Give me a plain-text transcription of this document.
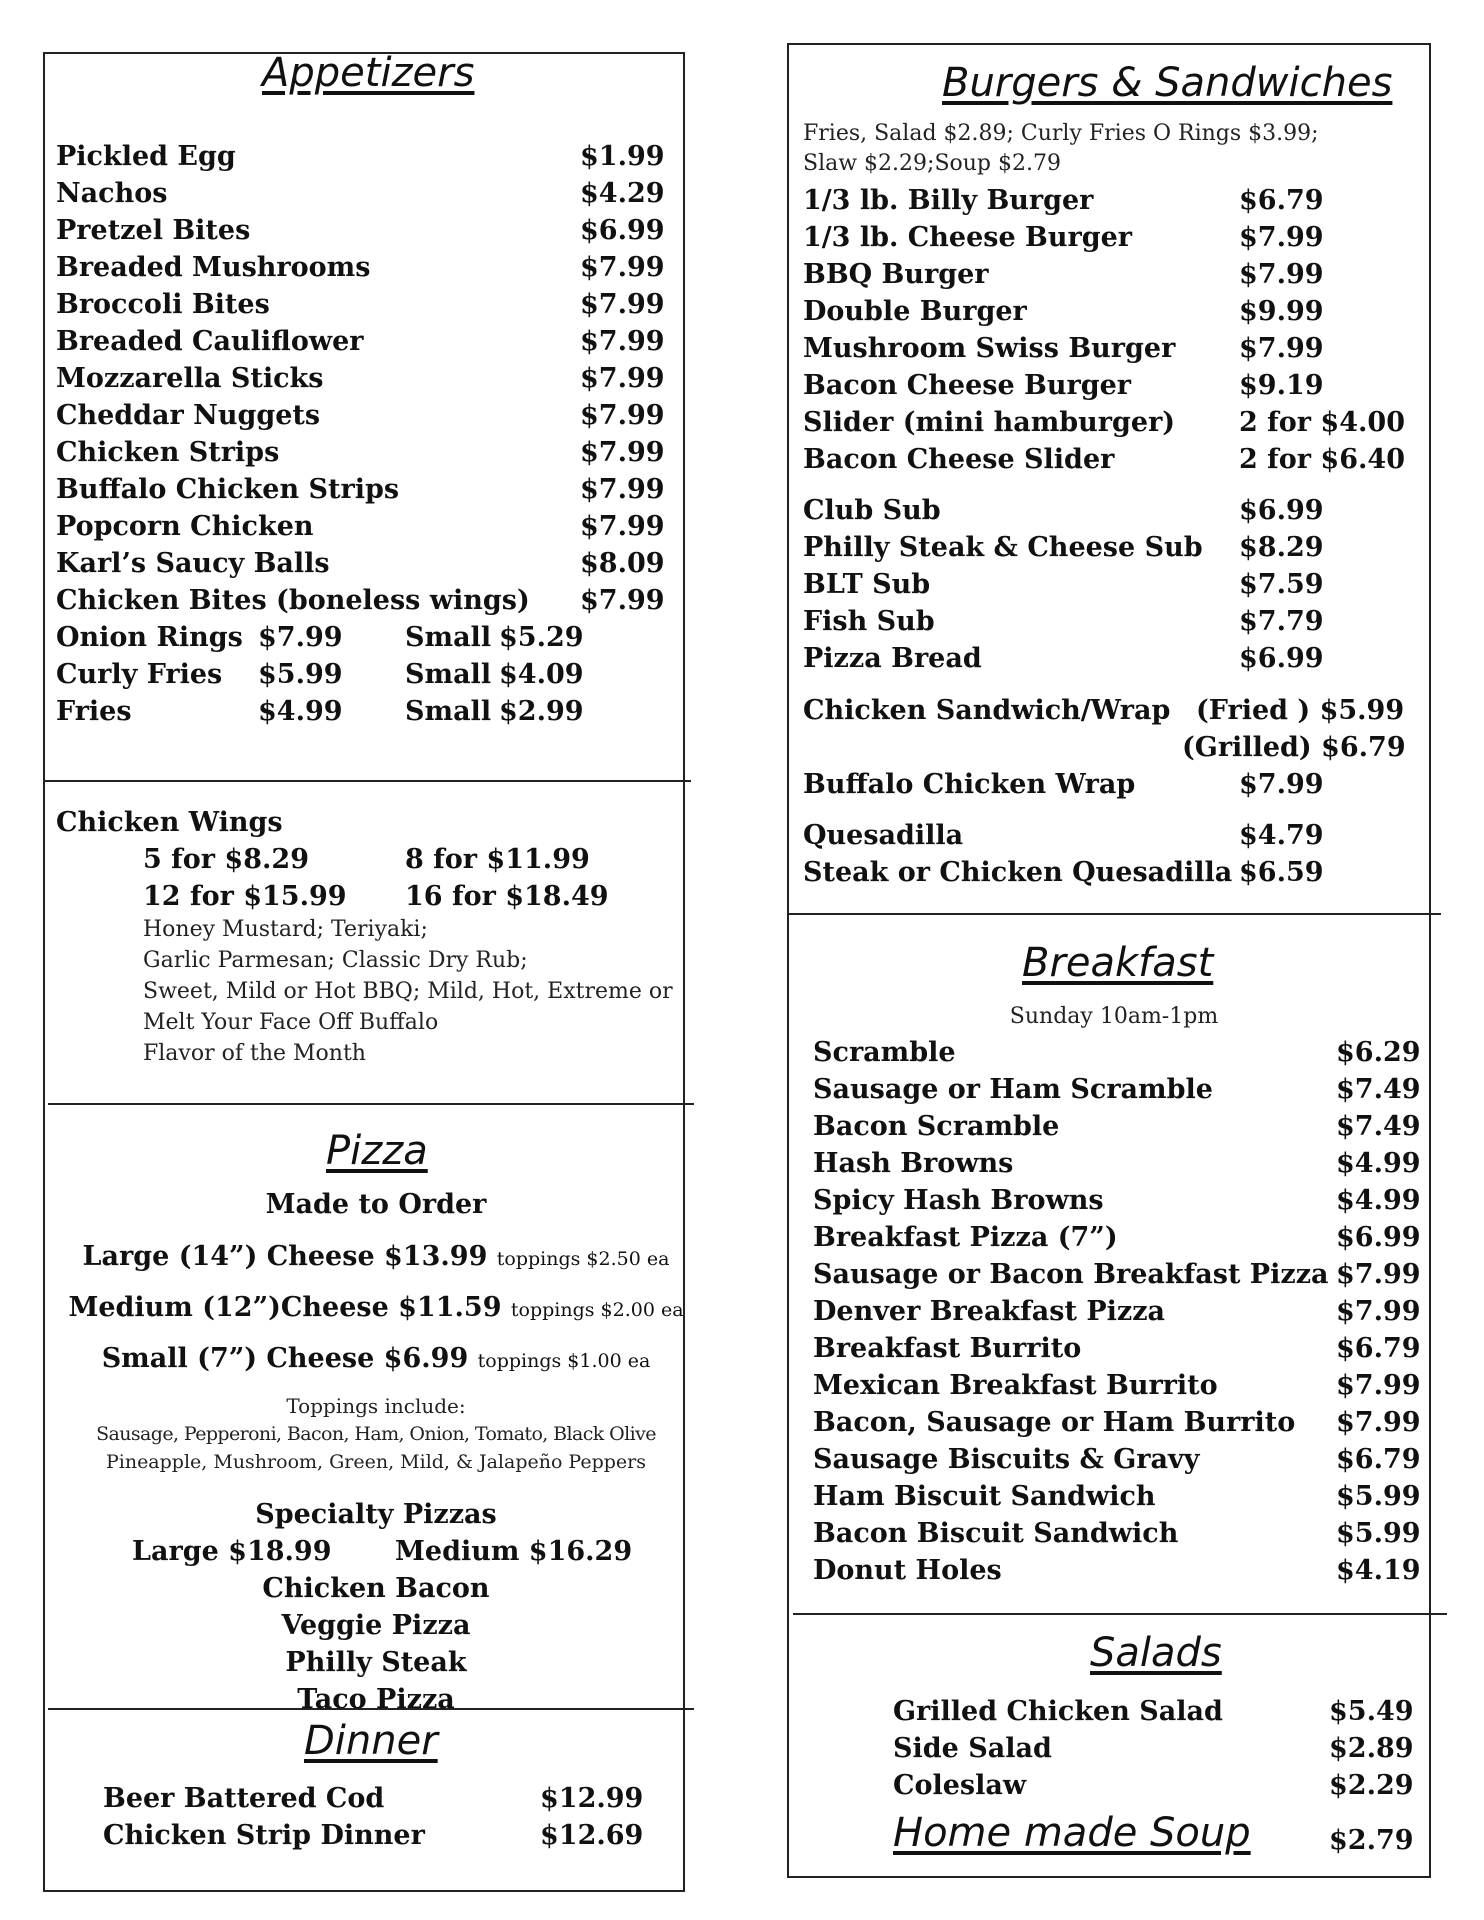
Appetizers
Pickled Egg	$1.99
Nachos	$4.29
Pretzel Bites	$6.99
Breaded Mushrooms	$7.99
Broccoli Bites	$7.99
Breaded Cauliflower	$7.99
Mozzarella Sticks	$7.99
Cheddar Nuggets	$7.99
Chicken Strips	$7.99
Buffalo Chicken Strips	$7.99
Popcorn Chicken	$7.99
Karl’s Saucy Balls	$8.09
Chicken Bites (boneless wings) $7.99
Onion Rings $7.99 Small $5.29
Curly Fries $5.99 Small $4.09
Fries	$4.99 Small $2.99
Chicken Wings
5 for $8.29	8 for $11.99
12 for $15.99 16 for $18.49
Honey Mustard; Teriyaki;
Garlic Parmesan; Classic Dry Rub;
Sweet, Mild or Hot BBQ; Mild, Hot, Extreme or
Melt Your Face Off Buffalo
Flavor of the Month
Pizza
Made to Order
Large (14”) Cheese $13.99 toppings $2.50 ea
Medium (12”)Cheese $11.59 toppings $2.00 ea
Small (7”) Cheese $6.99 toppings $1.00 ea
Toppings include:
Sausage, Pepperoni, Bacon, Ham, Onion, Tomato, Black Olive
Pineapple, Mushroom, Green, Mild, & Jalapeño Peppers
Specialty Pizzas
Large $18.99 Medium $16.29
Chicken Bacon
Veggie Pizza
Philly Steak
Taco Pizza
Dinner
Beer Battered Cod	$12.99
Chicken Strip Dinner	$12.69
Burgers & Sandwiches
Fries, Salad $2.89; Curly Fries O Rings $3.99;
Slaw $2.29;Soup $2.79
1/3 lb. Billy Burger	$6.79
1/3 lb. Cheese Burger	$7.99
BBQ Burger	$7.99
Double Burger	$9.99
Mushroom Swiss Burger $7.99
Bacon Cheese Burger	$9.19
Slider (mini hamburger) 2 for $4.00
Bacon Cheese Slider	2 for $6.40
Club Sub	$6.99
Philly Steak & Cheese Sub $8.29
BLT Sub	$7.59
Fish Sub	$7.79
Pizza Bread	$6.99
Chicken Sandwich/Wrap (Fried ) $5.99
(Grilled) $6.79
Buffalo Chicken Wrap	$7.99
Quesadilla	$4.79
Steak or Chicken Quesadilla $6.59
Breakfast
Sunday 10am-1pm
Scramble	$6.29
Sausage or Ham Scramble	$7.49
Bacon Scramble	$7.49
Hash Browns	$4.99
Spicy Hash Browns	$4.99
Breakfast Pizza (7”)	$6.99
Sausage or Bacon Breakfast Pizza $7.99
Denver Breakfast Pizza	$7.99
Breakfast Burrito	$6.79
Mexican Breakfast Burrito	$7.99
Bacon, Sausage or Ham Burrito $7.99
Sausage Biscuits & Gravy	$6.79
Ham Biscuit Sandwich	$5.99
Bacon Biscuit Sandwich	$5.99
Donut Holes	$4.19
Salads
Grilled Chicken Salad	$5.49
Side Salad	$2.89
Coleslaw	$2.29
Home made Soup	$2.79
